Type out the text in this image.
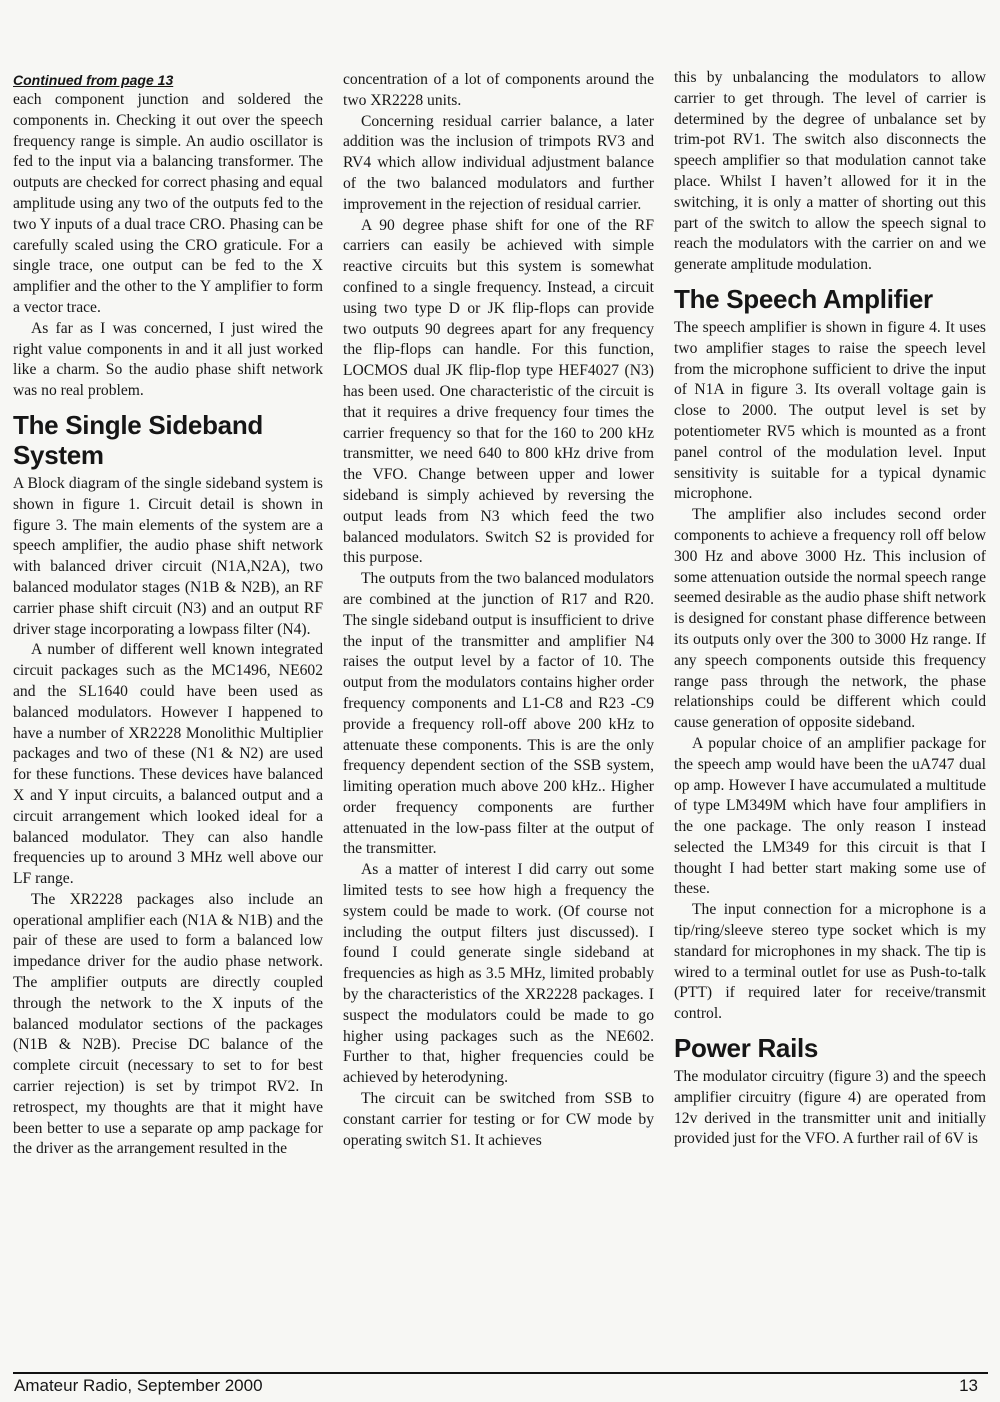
Continued from page 13

each component junction and soldered the components in. Checking it out over the speech frequency range is simple. An audio oscillator is fed to the input via a balancing transformer. The outputs are checked for correct phasing and equal amplitude using any two of the outputs fed to the two Y inputs of a dual trace CRO. Phasing can be carefully scaled using the CRO graticule. For a single trace, one output can be fed to the X amplifier and the other to the Y amplifier to form a vector trace.

As far as I was concerned, I just wired the right value components in and it all just worked like a charm. So the audio phase shift network was no real problem.

The Single Sideband System

A Block diagram of the single sideband system is shown in figure 1. Circuit detail is shown in figure 3. The main elements of the system are a speech amplifier, the audio phase shift network with balanced driver circuit (N1A,N2A), two balanced modulator stages (N1B & N2B), an RF carrier phase shift circuit (N3) and an output RF driver stage incorporating a lowpass filter (N4).

A number of different well known integrated circuit packages such as the MC1496, NE602 and the SL1640 could have been used as balanced modulators. However I happened to have a number of XR2228 Monolithic Multiplier packages and two of these (N1 & N2) are used for these functions. These devices have balanced X and Y input circuits, a balanced output and a circuit arrangement which looked ideal for a balanced modulator. They can also handle frequencies up to around 3 MHz well above our LF range.

The XR2228 packages also include an operational amplifier each (N1A & N1B) and the pair of these are used to form a balanced low impedance driver for the audio phase network. The amplifier outputs are directly coupled through the network to the X inputs of the balanced modulator sections of the packages (N1B & N2B). Precise DC balance of the complete circuit (necessary to set to for best carrier rejection) is set by trimpot RV2. In retrospect, my thoughts are that it might have been better to use a separate op amp package for the driver as the arrangement resulted in the

concentration of a lot of components around the two XR2228 units.

Concerning residual carrier balance, a later addition was the inclusion of trimpots RV3 and RV4 which allow individual adjustment balance of the two balanced modulators and further improvement in the rejection of residual carrier.

A 90 degree phase shift for one of the RF carriers can easily be achieved with simple reactive circuits but this system is somewhat confined to a single frequency. Instead, a circuit using two type D or JK flip-flops can provide two outputs 90 degrees apart for any frequency the flip-flops can handle. For this function, LOCMOS dual JK flip-flop type HEF4027 (N3) has been used. One characteristic of the circuit is that it requires a drive frequency four times the carrier frequency so that for the 160 to 200 kHz transmitter, we need 640 to 800 kHz drive from the VFO. Change between upper and lower sideband is simply achieved by reversing the output leads from N3 which feed the two balanced modulators. Switch S2 is provided for this purpose.

The outputs from the two balanced modulators are combined at the junction of R17 and R20. The single sideband output is insufficient to drive the input of the transmitter and amplifier N4 raises the output level by a factor of 10. The output from the modulators contains higher order frequency components and L1-C8 and R23 -C9 provide a frequency roll-off above 200 kHz to attenuate these components. This is are the only frequency dependent section of the SSB system, limiting operation much above 200 kHz.. Higher order frequency components are further attenuated in the low-pass filter at the output of the transmitter.

As a matter of interest I did carry out some limited tests to see how high a frequency the system could be made to work. (Of course not including the output filters just discussed). I found I could generate single sideband at frequencies as high as 3.5 MHz, limited probably by the characteristics of the XR2228 packages. I suspect the modulators could be made to go higher using packages such as the NE602. Further to that, higher frequencies could be achieved by heterodyning.

The circuit can be switched from SSB to constant carrier for testing or for CW mode by operating switch S1. It achieves

this by unbalancing the modulators to allow carrier to get through. The level of carrier is determined by the degree of unbalance set by trim-pot RV1. The switch also disconnects the speech amplifier so that modulation cannot take place. Whilst I haven’t allowed for it in the switching, it is only a matter of shorting out this part of the switch to allow the speech signal to reach the modulators with the carrier on and we generate amplitude modulation.

The Speech Amplifier

The speech amplifier is shown in figure 4. It uses two amplifier stages to raise the speech level from the microphone sufficient to drive the input of N1A in figure 3. Its overall voltage gain is close to 2000. The output level is set by potentiometer RV5 which is mounted as a front panel control of the modulation level. Input sensitivity is suitable for a typical dynamic microphone.

The amplifier also includes second order components to achieve a frequency roll off below 300 Hz and above 3000 Hz. This inclusion of some attenuation outside the normal speech range seemed desirable as the audio phase shift network is designed for constant phase difference between its outputs only over the 300 to 3000 Hz range. If any speech components outside this frequency range pass through the network, the phase relationships could be different which could cause generation of opposite sideband.

A popular choice of an amplifier package for the speech amp would have been the uA747 dual op amp. However I have accumulated a multitude of type LM349M which have four amplifiers in the one package. The only reason I instead selected the LM349 for this circuit is that I thought I had better start making some use of these.

The input connection for a microphone is a tip/ring/sleeve stereo type socket which is my standard for microphones in my shack. The tip is wired to a terminal outlet for use as Push-to-talk (PTT) if required later for receive/transmit control.

Power Rails

The modulator circuitry (figure 3) and the speech amplifier circuitry (figure 4) are operated from 12v derived in the transmitter unit and initially provided just for the VFO. A further rail of 6V is

Amateur Radio, September 2000	13
